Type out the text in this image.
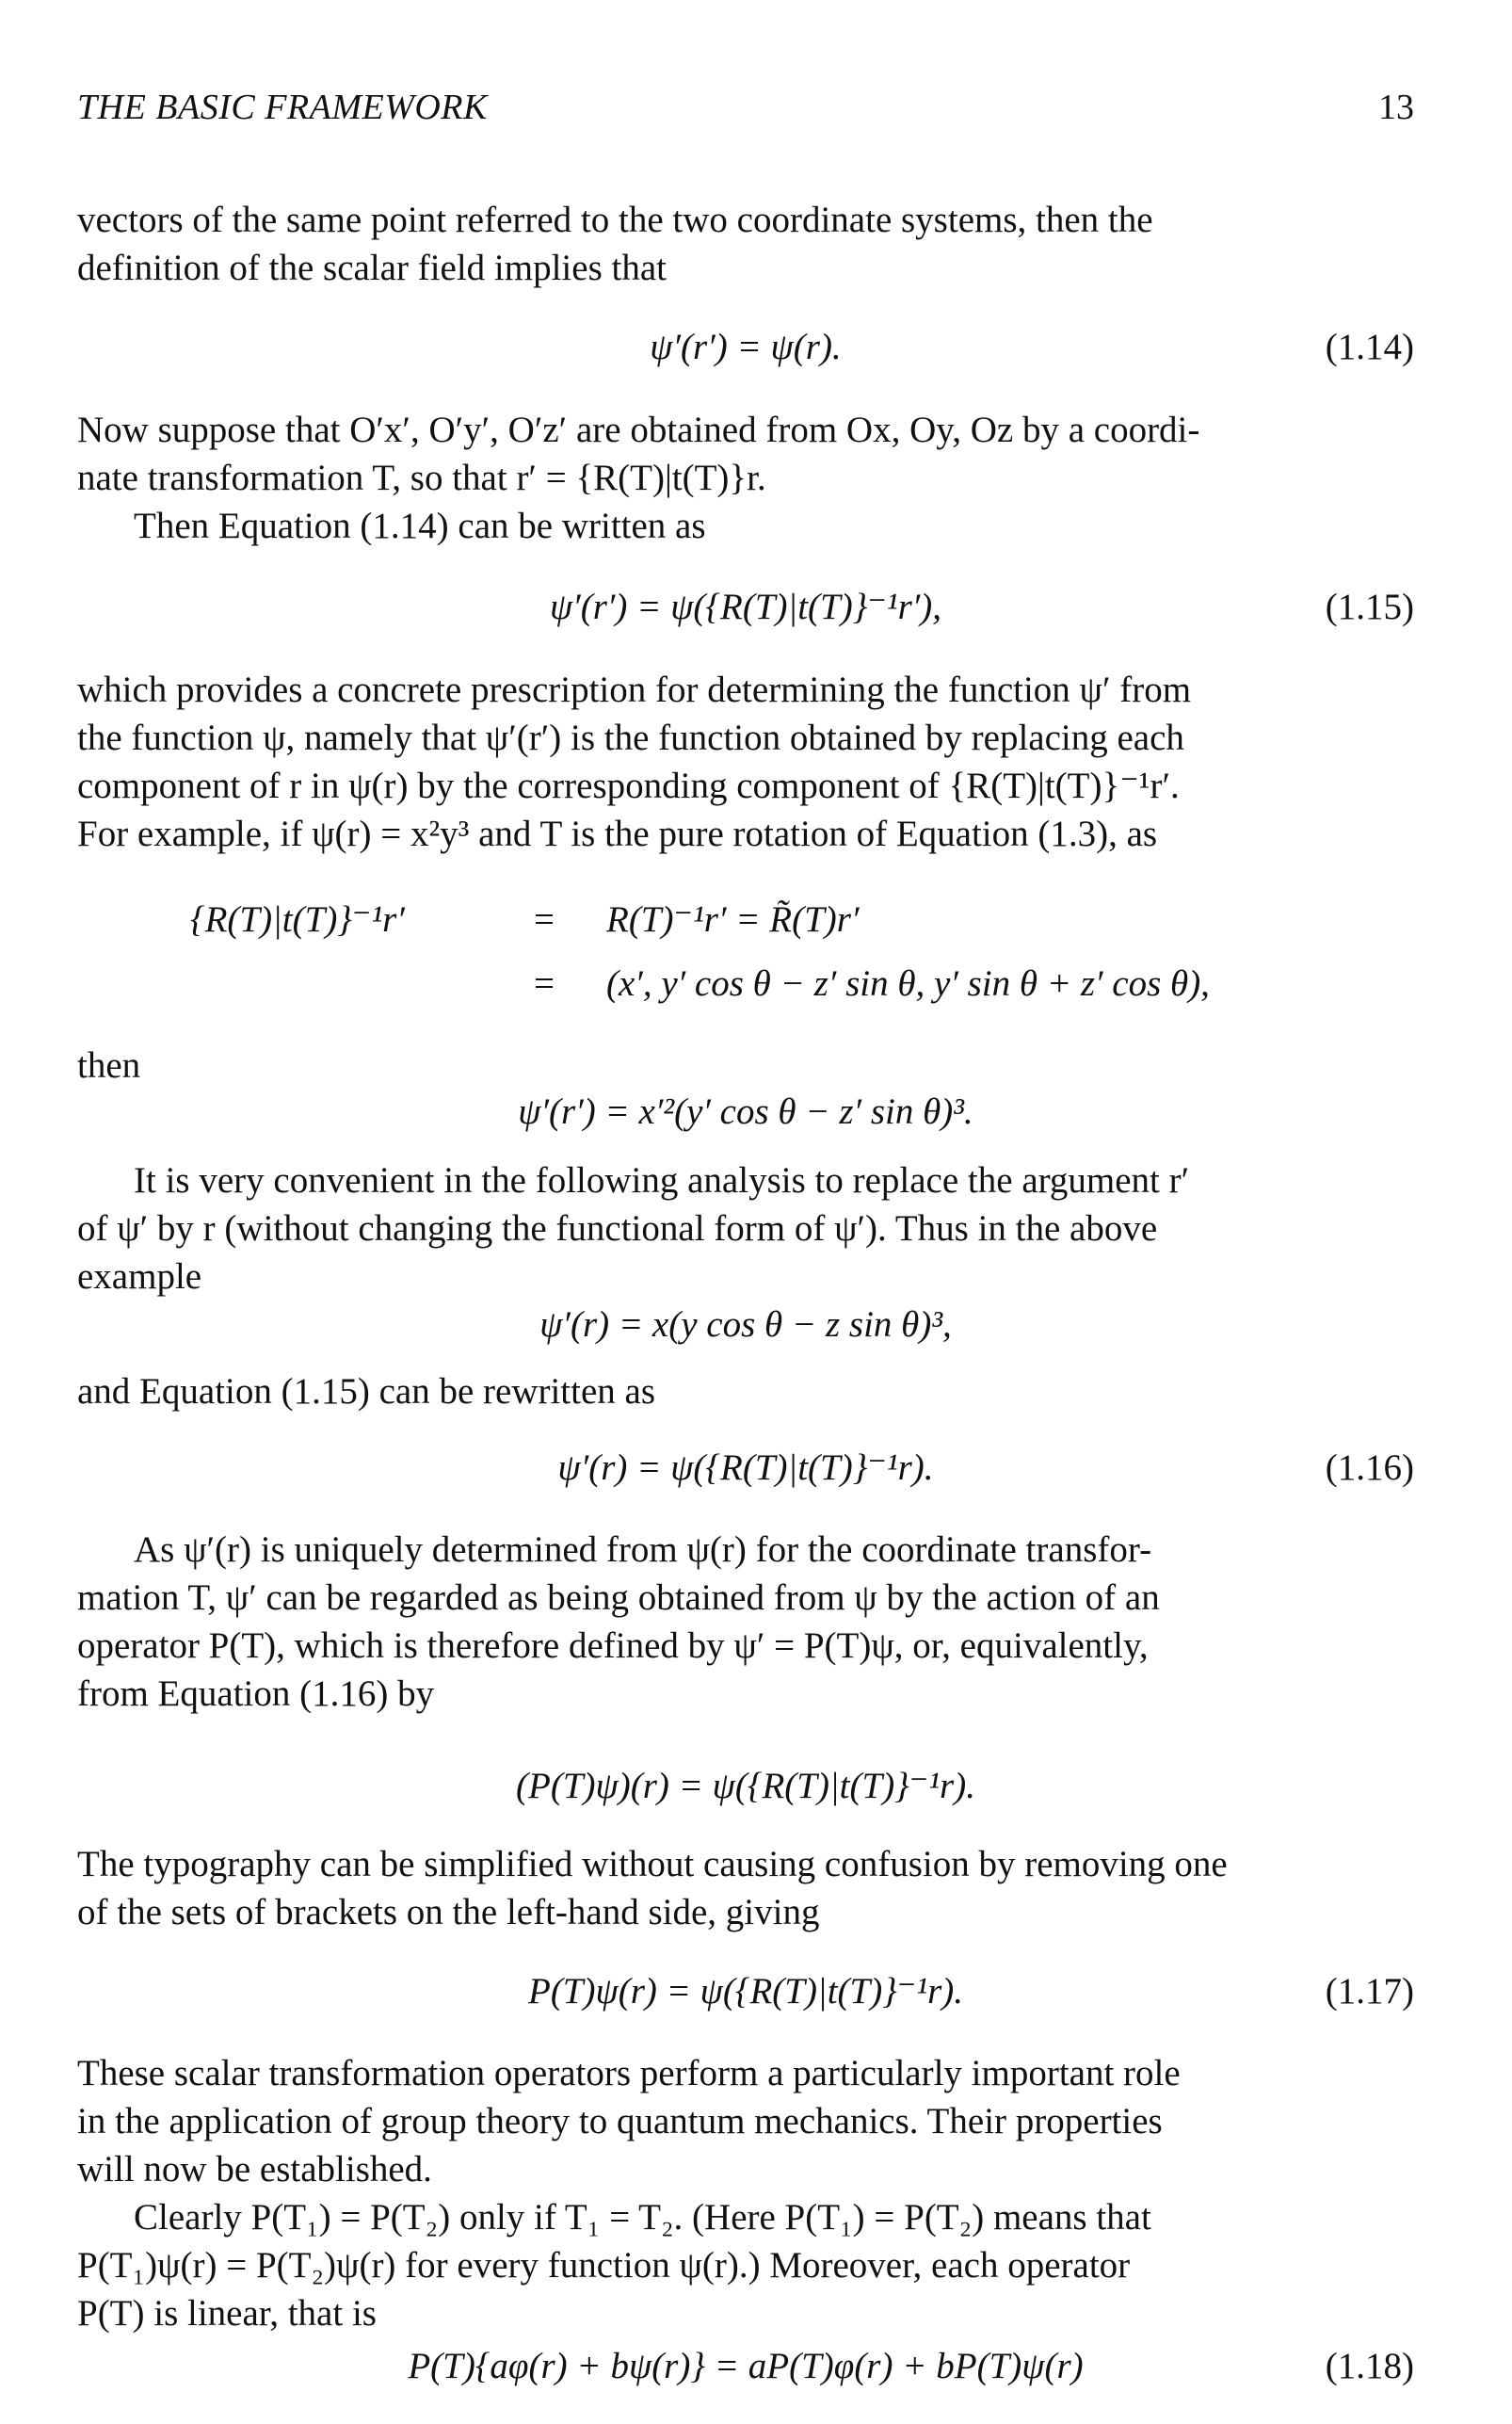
THE BASIC FRAMEWORK	13
vectors of the same point referred to the two coordinate systems, then the
definition of the scalar field implies that
ψ′(r′) = ψ(r).	(1.14)
Now suppose that O′x′, O′y′, O′z′ are obtained from Ox, Oy, Oz by a coordi-
nate transformation T, so that r′ = {R(T)|t(T)}r.
Then Equation (1.14) can be written as
ψ′(r′) = ψ({R(T)|t(T)}⁻¹r′),	(1.15)
which provides a concrete prescription for determining the function ψ′ from
the function ψ, namely that ψ′(r′) is the function obtained by replacing each
component of r in ψ(r) by the corresponding component of {R(T)|t(T)}⁻¹r′.
For example, if ψ(r) = x²y³ and T is the pure rotation of Equation (1.3), as
{R(T)|t(T)}⁻¹r′	= R(T)⁻¹r′ = R̃(T)r′
= (x′, y′ cos θ − z′ sin θ, y′ sin θ + z′ cos θ),
then
ψ′(r′) = x′²(y′ cos θ − z′ sin θ)³.
It is very convenient in the following analysis to replace the argument r′
of ψ′ by r (without changing the functional form of ψ′). Thus in the above
example
ψ′(r) = x(y cos θ − z sin θ)³,
and Equation (1.15) can be rewritten as
ψ′(r) = ψ({R(T)|t(T)}⁻¹r).	(1.16)
As ψ′(r) is uniquely determined from ψ(r) for the coordinate transfor-
mation T, ψ′ can be regarded as being obtained from ψ by the action of an
operator P(T), which is therefore defined by ψ′ = P(T)ψ, or, equivalently,
from Equation (1.16) by
(P(T)ψ)(r) = ψ({R(T)|t(T)}⁻¹r).
The typography can be simplified without causing confusion by removing one
of the sets of brackets on the left-hand side, giving
P(T)ψ(r) = ψ({R(T)|t(T)}⁻¹r).	(1.17)
These scalar transformation operators perform a particularly important role
in the application of group theory to quantum mechanics. Their properties
will now be established.
Clearly P(T₁) = P(T₂) only if T₁ = T₂. (Here P(T₁) = P(T₂) means that
P(T₁)ψ(r) = P(T₂)ψ(r) for every function ψ(r).) Moreover, each operator
P(T) is linear, that is
P(T){aφ(r) + bψ(r)} = aP(T)φ(r) + bP(T)ψ(r)	(1.18)
